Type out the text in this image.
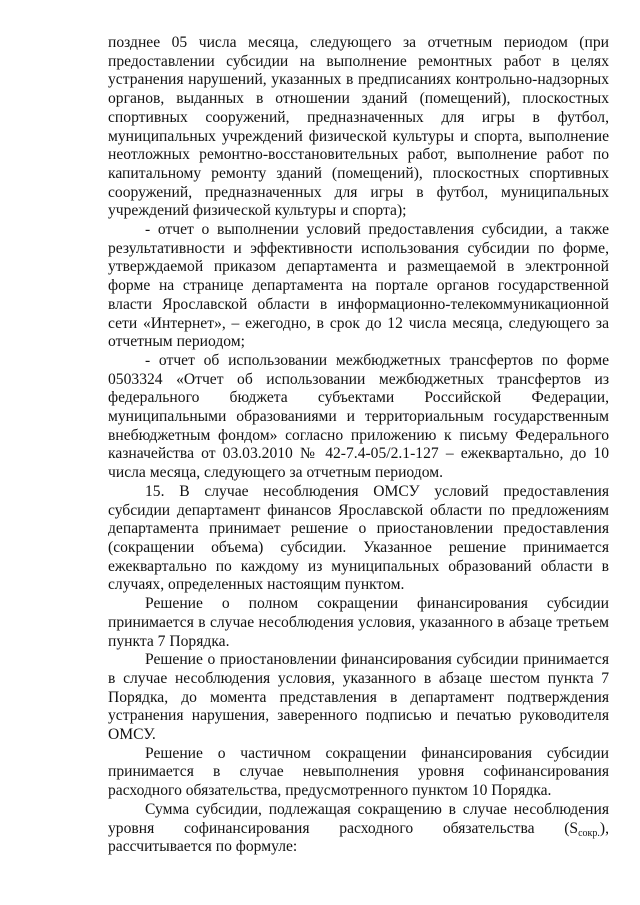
позднее 05 числа месяца, следующего за отчетным периодом (при предоставлении субсидии на выполнение ремонтных работ в целях устранения нарушений, указанных в предписаниях контрольно-надзорных органов, выданных в отношении зданий (помещений), плоскостных спортивных сооружений, предназначенных для игры в футбол, муниципальных учреждений физической культуры и спорта, выполнение неотложных ремонтно-восстановительных работ, выполнение работ по капитальному ремонту зданий (помещений), плоскостных спортивных сооружений, предназначенных для игры в футбол, муниципальных учреждений физической культуры и спорта);

- отчет о выполнении условий предоставления субсидии, а также результативности и эффективности использования субсидии по форме, утверждаемой приказом департамента и размещаемой в электронной форме на странице департамента на портале органов государственной власти Ярославской области в информационно-телекоммуникационной сети «Интернет», – ежегодно, в срок до 12 числа месяца, следующего за отчетным периодом;

- отчет об использовании межбюджетных трансфертов по форме 0503324 «Отчет об использовании межбюджетных трансфертов из федерального бюджета субъектами Российской Федерации, муниципальными образованиями и территориальным государственным внебюджетным фондом» согласно приложению к письму Федерального казначейства от 03.03.2010 № 42-7.4-05/2.1-127 – ежеквартально, до 10 числа месяца, следующего за отчетным периодом.

15. В случае несоблюдения ОМСУ условий предоставления субсидии департамент финансов Ярославской области по предложениям департамента принимает решение о приостановлении предоставления (сокращении объема) субсидии. Указанное решение принимается ежеквартально по каждому из муниципальных образований области в случаях, определенных настоящим пунктом.

Решение о полном сокращении финансирования субсидии принимается в случае несоблюдения условия, указанного в абзаце третьем пункта 7 Порядка.

Решение о приостановлении финансирования субсидии принимается в случае несоблюдения условия, указанного в абзаце шестом пункта 7 Порядка, до момента представления в департамент подтверждения устранения нарушения, заверенного подписью и печатью руководителя ОМСУ.

Решение о частичном сокращении финансирования субсидии принимается в случае невыполнения уровня софинансирования расходного обязательства, предусмотренного пунктом 10 Порядка.

Сумма субсидии, подлежащая сокращению в случае несоблюдения уровня софинансирования расходного обязательства $(S_{сокр.})$, рассчитывается по формуле:
